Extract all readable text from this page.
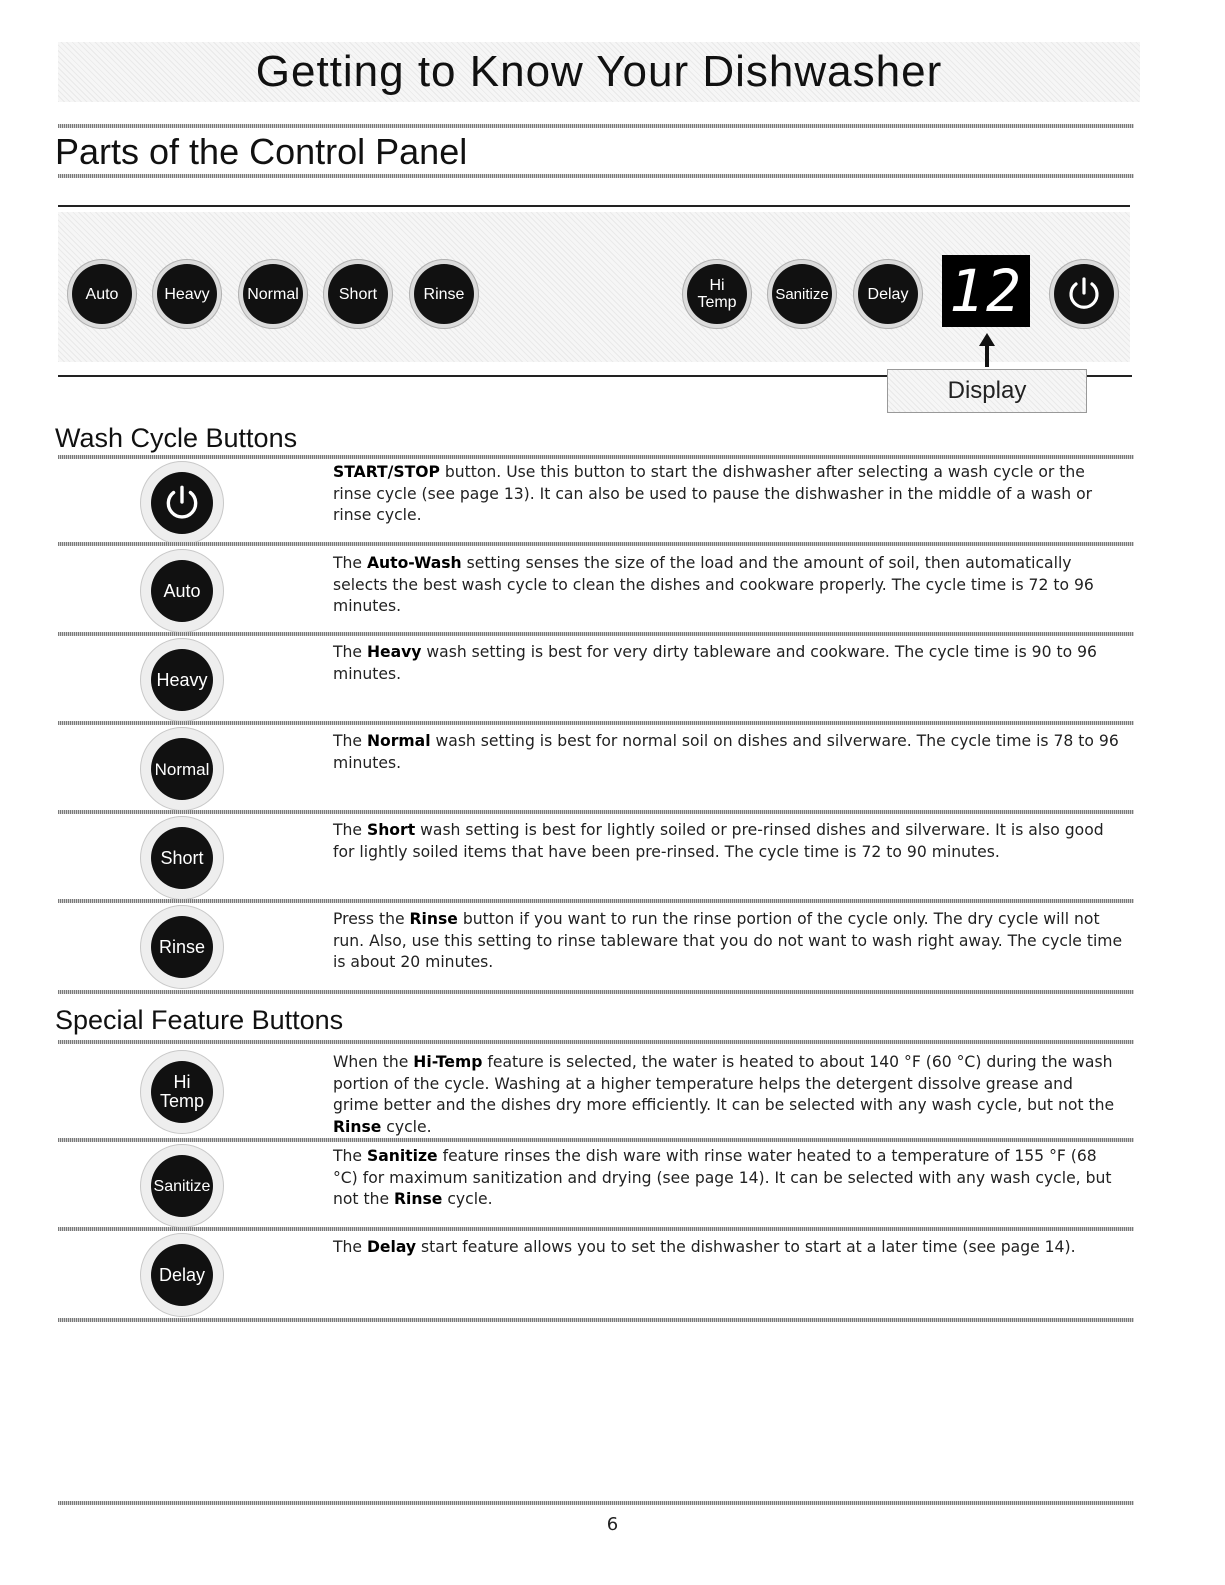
Getting to Know Your Dishwasher
Parts of the Control Panel
Auto	Heavy	Normal	Short	Rinse	Hi
Temp	Sanitize	Delay 12
Display
Wash Cycle Buttons
START/STOP button. Use this button to start the dishwasher after selecting a wash cycle or the rinse cycle (see page 13). It can also be used to pause the dishwasher in the middle of a wash or rinse cycle.
Auto
The Auto-Wash setting senses the size of the load and the amount of soil, then automatically selects the best wash cycle to clean the dishes and cookware properly. The cycle time is 72 to 96 minutes.
Heavy
The Heavy wash setting is best for very dirty tableware and cookware. The cycle time is 90 to 96 minutes.
Normal
The Normal wash setting is best for normal soil on dishes and silverware. The cycle time is 78 to 96 minutes.
Short
The Short wash setting is best for lightly soiled or pre-rinsed dishes and silverware. It is also good for lightly soiled items that have been pre-rinsed. The cycle time is 72 to 90 minutes.
Rinse
Press the Rinse button if you want to run the rinse portion of the cycle only. The dry cycle will not run. Also, use this setting to rinse tableware that you do not want to wash right away. The cycle time is about 20 minutes.
Special Feature Buttons
Hi
Temp
When the Hi-Temp feature is selected, the water is heated to about 140 °F (60 °C) during the wash portion of the cycle. Washing at a higher temperature helps the detergent dissolve grease and grime better and the dishes dry more efficiently. It can be selected with any wash cycle, but not the Rinse cycle.
Sanitize
The Sanitize feature rinses the dish ware with rinse water heated to a temperature of 155 °F (68 °C) for maximum sanitization and drying (see page 14). It can be selected with any wash cycle, but not the Rinse cycle.
Delay
The Delay start feature allows you to set the dishwasher to start at a later time (see page 14).
6
